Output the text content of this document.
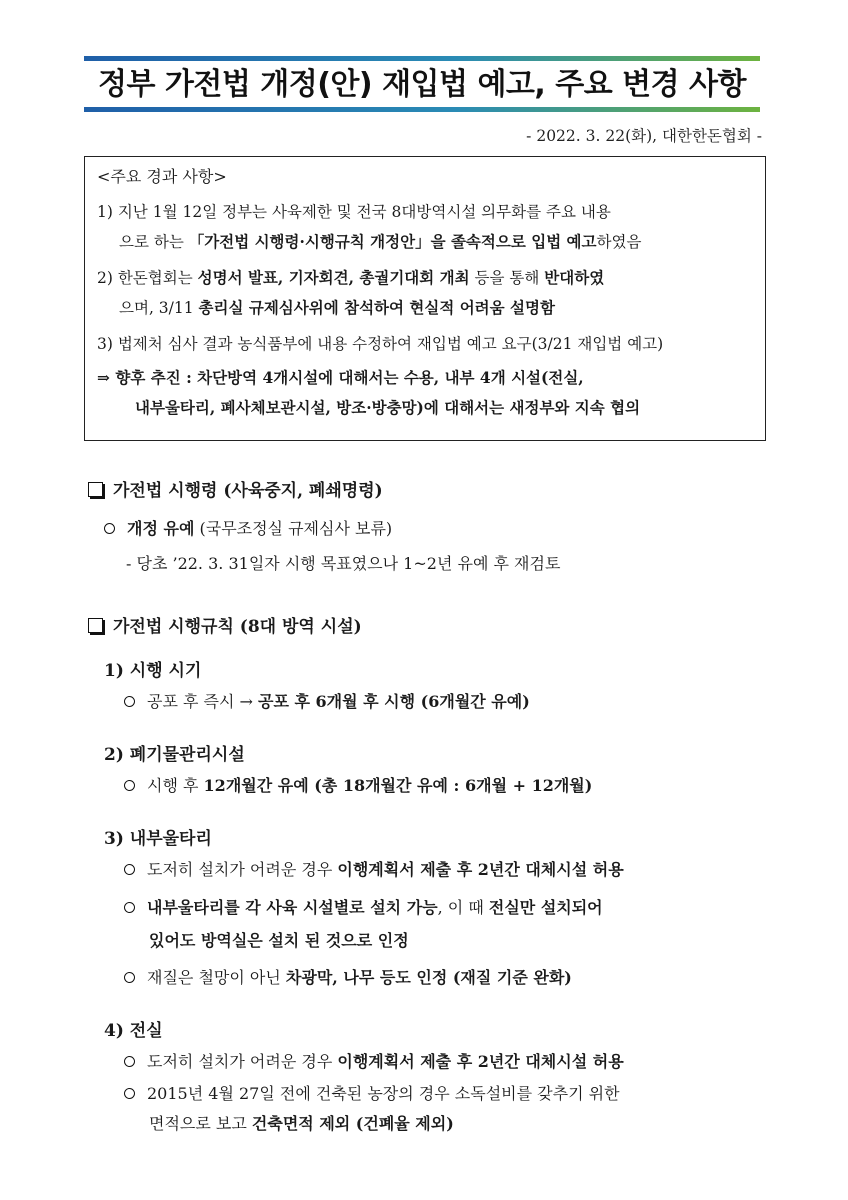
정부 가전법 개정(안) 재입법 예고, 주요 변경 사항
- 2022. 3. 22(화), 대한한돈협회 -
<주요 경과 사항>
1) 지난 1월 12일 정부는 사육제한 및 전국 8대방역시설 의무화를 주요 내용
으로 하는 「가전법 시행령·시행규칙 개정안」을 졸속적으로 입법 예고하였음
2) 한돈협회는 성명서 발표, 기자회견, 총궐기대회 개최 등을 통해 반대하였
으며, 3/11 총리실 규제심사위에 참석하여 현실적 어려움 설명함
3) 법제처 심사 결과 농식품부에 내용 수정하여 재입법 예고 요구(3/21 재입법 예고)
⇒ 향후 추진 : 차단방역 4개시설에 대해서는 수용, 내부 4개 시설(전실,
내부울타리, 폐사체보관시설, 방조·방충망)에 대해서는 새정부와 지속 협의
가전법 시행령 (사육중지, 폐쇄명령)
개정 유예 (국무조정실 규제심사 보류)
- 당초 ’22. 3. 31일자 시행 목표였으나 1~2년 유예 후 재검토
가전법 시행규칙 (8대 방역 시설)
1) 시행 시기
공포 후 즉시 → 공포 후 6개월 후 시행 (6개월간 유예)
2) 폐기물관리시설
시행 후 12개월간 유예 (총 18개월간 유예 : 6개월 + 12개월)
3) 내부울타리
도저히 설치가 어려운 경우 이행계획서 제출 후 2년간 대체시설 허용
내부울타리를 각 사육 시설별로 설치 가능, 이 때 전실만 설치되어
있어도 방역실은 설치 된 것으로 인정
재질은 철망이 아닌 차광막, 나무 등도 인정 (재질 기준 완화)
4) 전실
도저히 설치가 어려운 경우 이행계획서 제출 후 2년간 대체시설 허용
2015년 4월 27일 전에 건축된 농장의 경우 소독설비를 갖추기 위한
면적으로 보고 건축면적 제외 (건폐율 제외)
